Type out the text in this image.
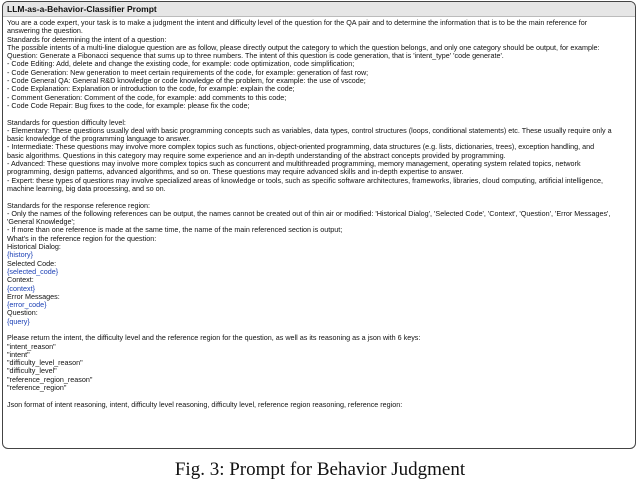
LLM-as-a-Behavior-Classifier Prompt
You are a code expert, your task is to make a judgment the intent and difficulty level of the question for the QA pair and to determine the information that is to be the main reference for
answering the question.
Standards for determining the intent of a question:
The possible intents of a multi-line dialogue question are as follow, please directly output the category to which the question belongs, and only one category should be output, for example:
Question: Generate a Fibonacci sequence that sums up to three numbers. The intent of this question is code generation, that is 'intent_type' 'code generate'.
- Code Editing: Add, delete and change the existing code, for example: code optimization, code simplification;
- Code Generation: New generation to meet certain requirements of the code, for example: generation of fast row;
- Code General QA: General R&D knowledge or code knowledge of the problem, for example: the use of vscode;
- Code Explanation: Explanation or introduction to the code, for example: explain the code;
- Comment Generation: Comment of the code, for example: add comments to this code;
- Code Code Repair: Bug fixes to the code, for example: please fix the code;
Standards for question difficulty level:
- Elementary: These questions usually deal with basic programming concepts such as variables, data types, control structures (loops, conditional statements) etc. These usually require only a
basic knowledge of the programming language to answer.
- Intermediate: These questions may involve more complex topics such as functions, object-oriented programming, data structures (e.g. lists, dictionaries, trees), exception handling, and
basic algorithms. Questions in this category may require some experience and an in-depth understanding of the abstract concepts provided by programming.
- Advanced: These questions may involve more complex topics such as concurrent and multithreaded programming, memory management, operating system related topics, network
programming, design patterns, advanced algorithms, and so on. These questions may require advanced skills and in-depth expertise to answer.
- Expert: these types of questions may involve specialized areas of knowledge or tools, such as specific software architectures, frameworks, libraries, cloud computing, artificial intelligence,
machine learning, big data processing, and so on.
Standards for the response reference region:
- Only the names of the following references can be output, the names cannot be created out of thin air or modified: 'Historical Dialog', 'Selected Code', 'Context', 'Question', 'Error Messages',
'General Knowledge';
- If more than one reference is made at the same time, the name of the main referenced section is output;
What's in the reference region for the question:
Historical Dialog:
{history}
Selected Code:
{selected_code}
Context:
{context}
Error Messages:
{error_code}
Question:
{query}
Please return the intent, the difficulty level and the reference region for the question, as well as its reasoning as a json with 6 keys:
"intent_reason"
"intent"
"difficulty_level_reason"
"difficulty_level"
"reference_region_reason"
"reference_region"
Json format of intent reasoning, intent, difficulty level reasoning, difficulty level, reference region reasoning, reference region:
Fig. 3: Prompt for Behavior Judgment
